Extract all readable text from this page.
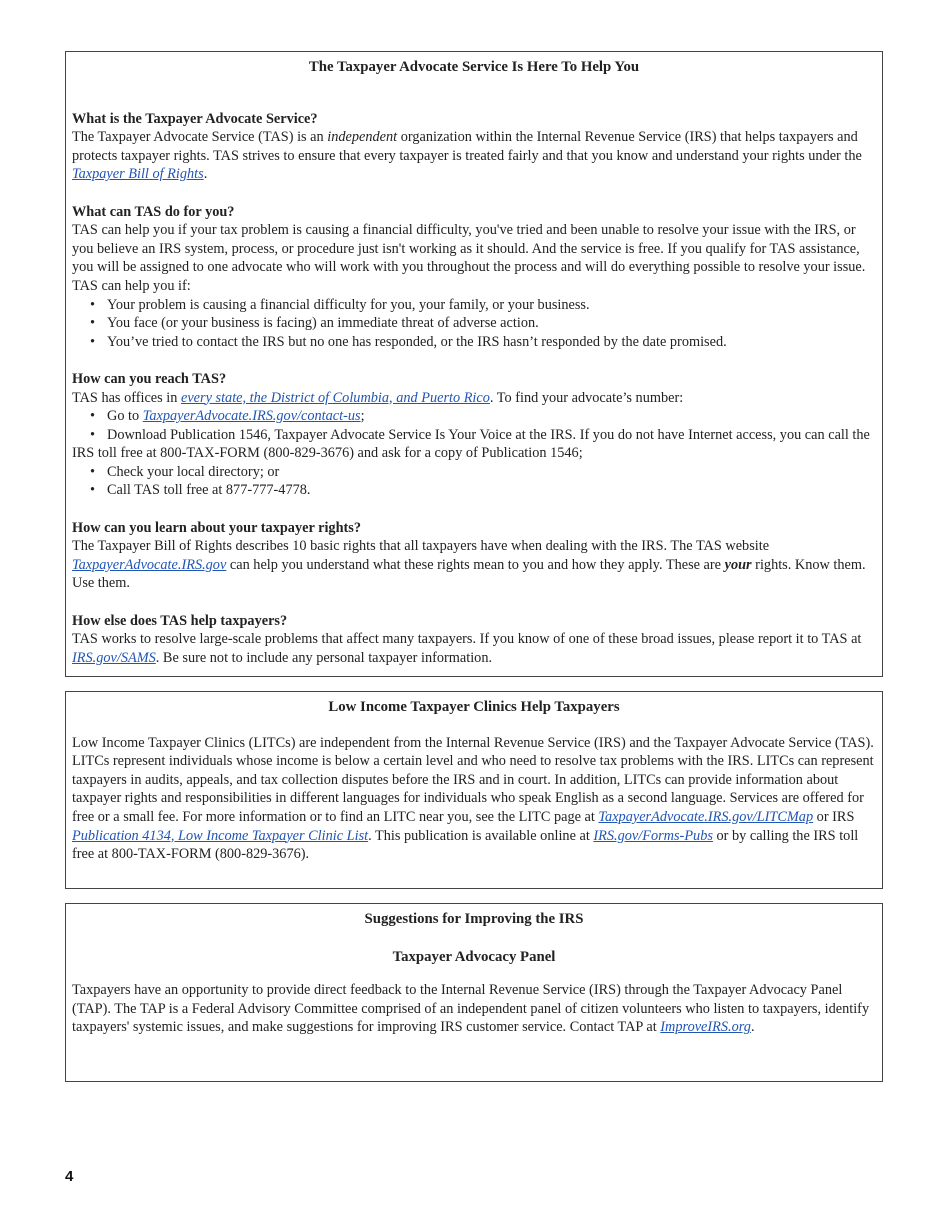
The Taxpayer Advocate Service Is Here To Help You
What is the Taxpayer Advocate Service?
The Taxpayer Advocate Service (TAS) is an independent organization within the Internal Revenue Service (IRS) that helps taxpayers and protects taxpayer rights. TAS strives to ensure that every taxpayer is treated fairly and that you know and understand your rights under the Taxpayer Bill of Rights.
What can TAS do for you?
TAS can help you if your tax problem is causing a financial difficulty, you've tried and been unable to resolve your issue with the IRS, or you believe an IRS system, process, or procedure just isn't working as it should. And the service is free. If you qualify for TAS assistance, you will be assigned to one advocate who will work with you throughout the process and will do everything possible to resolve your issue. TAS can help you if:
• Your problem is causing a financial difficulty for you, your family, or your business.
• You face (or your business is facing) an immediate threat of adverse action.
• You’ve tried to contact the IRS but no one has responded, or the IRS hasn’t responded by the date promised.
How can you reach TAS?
TAS has offices in every state, the District of Columbia, and Puerto Rico. To find your advocate’s number:
• Go to TaxpayerAdvocate.IRS.gov/contact-us;
• Download Publication 1546, Taxpayer Advocate Service Is Your Voice at the IRS. If you do not have Internet access, you can call the IRS toll free at 800-TAX-FORM (800-829-3676) and ask for a copy of Publication 1546;
• Check your local directory; or
• Call TAS toll free at 877-777-4778.
How can you learn about your taxpayer rights?
The Taxpayer Bill of Rights describes 10 basic rights that all taxpayers have when dealing with the IRS. The TAS website TaxpayerAdvocate.IRS.gov can help you understand what these rights mean to you and how they apply. These are your rights. Know them. Use them.
How else does TAS help taxpayers?
TAS works to resolve large-scale problems that affect many taxpayers. If you know of one of these broad issues, please report it to TAS at IRS.gov/SAMS. Be sure not to include any personal taxpayer information.
Low Income Taxpayer Clinics Help Taxpayers
Low Income Taxpayer Clinics (LITCs) are independent from the Internal Revenue Service (IRS) and the Taxpayer Advocate Service (TAS). LITCs represent individuals whose income is below a certain level and who need to resolve tax problems with the IRS. LITCs can represent taxpayers in audits, appeals, and tax collection disputes before the IRS and in court. In addition, LITCs can provide information about taxpayer rights and responsibilities in different languages for individuals who speak English as a second language. Services are offered for free or a small fee. For more information or to find an LITC near you, see the LITC page at TaxpayerAdvocate.IRS.gov/LITCMap or IRS Publication 4134, Low Income Taxpayer Clinic List. This publication is available online at IRS.gov/Forms-Pubs or by calling the IRS toll free at 800-TAX-FORM (800-829-3676).
Suggestions for Improving the IRS
Taxpayer Advocacy Panel
Taxpayers have an opportunity to provide direct feedback to the Internal Revenue Service (IRS) through the Taxpayer Advocacy Panel (TAP). The TAP is a Federal Advisory Committee comprised of an independent panel of citizen volunteers who listen to taxpayers, identify taxpayers' systemic issues, and make suggestions for improving IRS customer service. Contact TAP at ImproveIRS.org.
4
